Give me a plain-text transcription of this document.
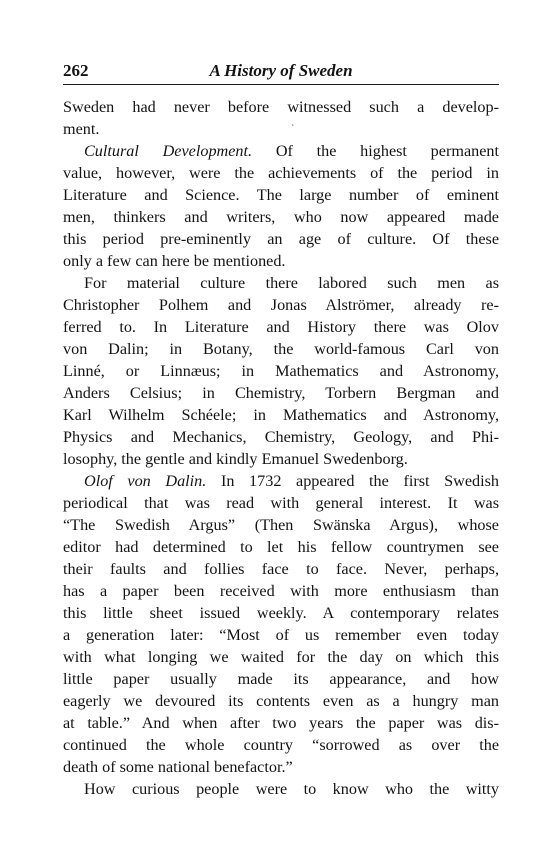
262	A History of Sweden
`
Sweden had never before witnessed such a develop-
ment.
Cultural Development. Of the highest permanent
value, however, were the achievements of the period in
Literature and Science. The large number of eminent
men, thinkers and writers, who now appeared made
this period pre-eminently an age of culture. Of these
only a few can here be mentioned.
For material culture there labored such men as
Christopher Polhem and Jonas Alströmer, already re-
ferred to. In Literature and History there was Olov
von Dalin; in Botany, the world-famous Carl von
Linné, or Linnæus; in Mathematics and Astronomy,
Anders Celsius; in Chemistry, Torbern Bergman and
Karl Wilhelm Schéele; in Mathematics and Astronomy,
Physics and Mechanics, Chemistry, Geology, and Phi-
losophy, the gentle and kindly Emanuel Swedenborg.
Olof von Dalin. In 1732 appeared the first Swedish
periodical that was read with general interest. It was
“The Swedish Argus” (Then Swänska Argus), whose
editor had determined to let his fellow countrymen see
their faults and follies face to face. Never, perhaps,
has a paper been received with more enthusiasm than
this little sheet issued weekly. A contemporary relates
a generation later: “Most of us remember even today
with what longing we waited for the day on which this
little paper usually made its appearance, and how
eagerly we devoured its contents even as a hungry man
at table.” And when after two years the paper was dis-
continued the whole country “sorrowed as over the
death of some national benefactor.”
How curious people were to know who the witty
